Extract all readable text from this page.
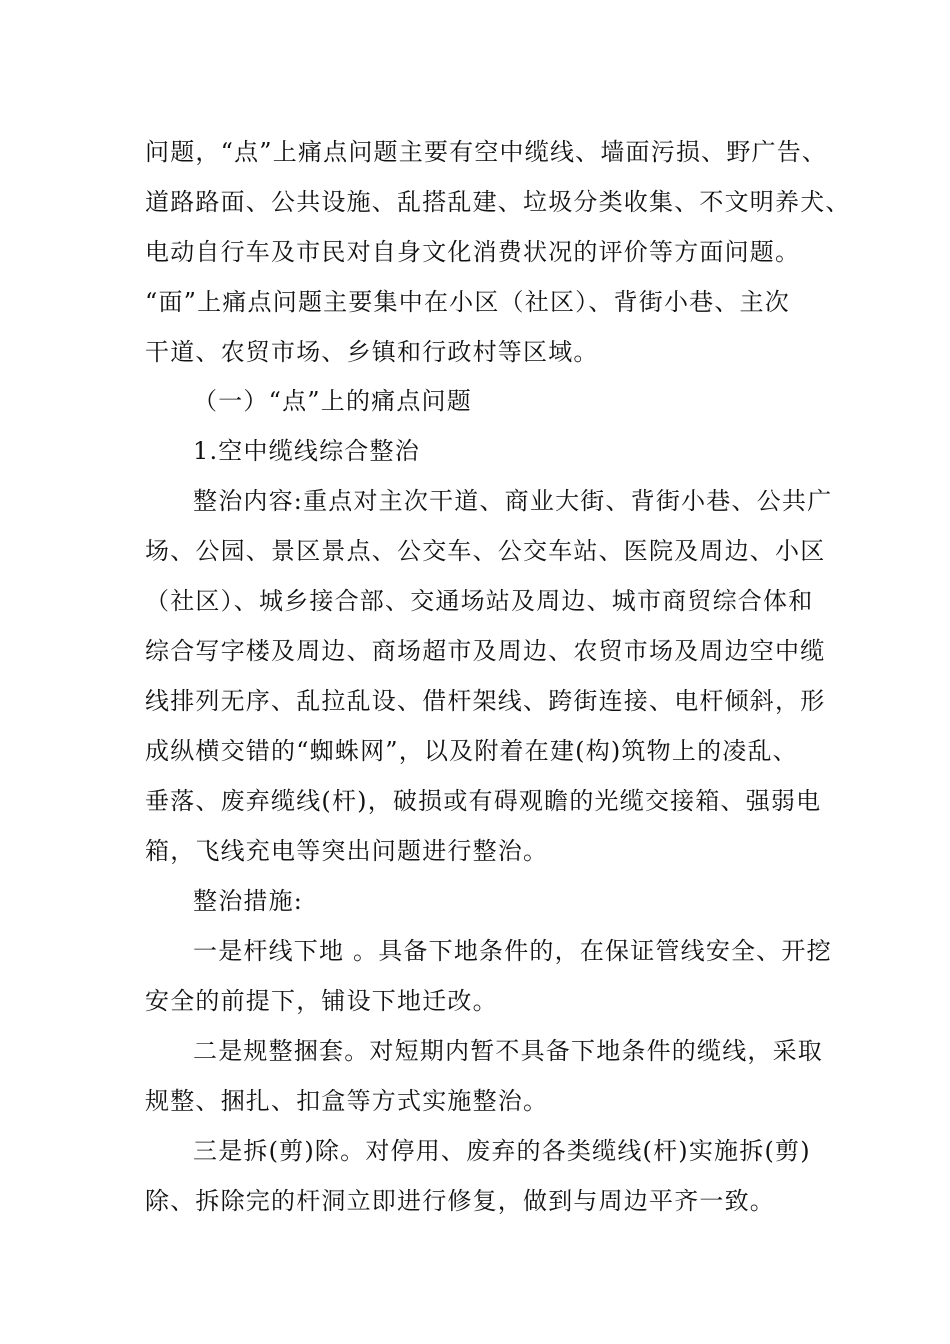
问题，“点”上痛点问题主要有空中缆线、墙面污损、野广告、
道路路面、公共设施、乱搭乱建、垃圾分类收集、不文明养犬、
电动自行车及市民对自身文化消费状况的评价等方面问题。
“面”上痛点问题主要集中在小区（社区）、背街小巷、主次
干道、农贸市场、乡镇和行政村等区域。
（一）“点”上的痛点问题
1.空中缆线综合整治
整治内容:重点对主次干道、商业大街、背街小巷、公共广
场、公园、景区景点、公交车、公交车站、医院及周边、小区
（社区）、城乡接合部、交通场站及周边、城市商贸综合体和
综合写字楼及周边、商场超市及周边、农贸市场及周边空中缆
线排列无序、乱拉乱设、借杆架线、跨街连接、电杆倾斜，形
成纵横交错的“蜘蛛网”，以及附着在建(构)筑物上的凌乱、
垂落、废弃缆线(杆)，破损或有碍观瞻的光缆交接箱、强弱电
箱，飞线充电等突出问题进行整治。
整治措施:
一是杆线下地 。具备下地条件的，在保证管线安全、开挖
安全的前提下，铺设下地迁改。
二是规整捆套。对短期内暂不具备下地条件的缆线，采取
规整、捆扎、扣盒等方式实施整治。
三是拆(剪)除。对停用、废弃的各类缆线(杆)实施拆(剪)
除、拆除完的杆洞立即进行修复，做到与周边平齐一致。
